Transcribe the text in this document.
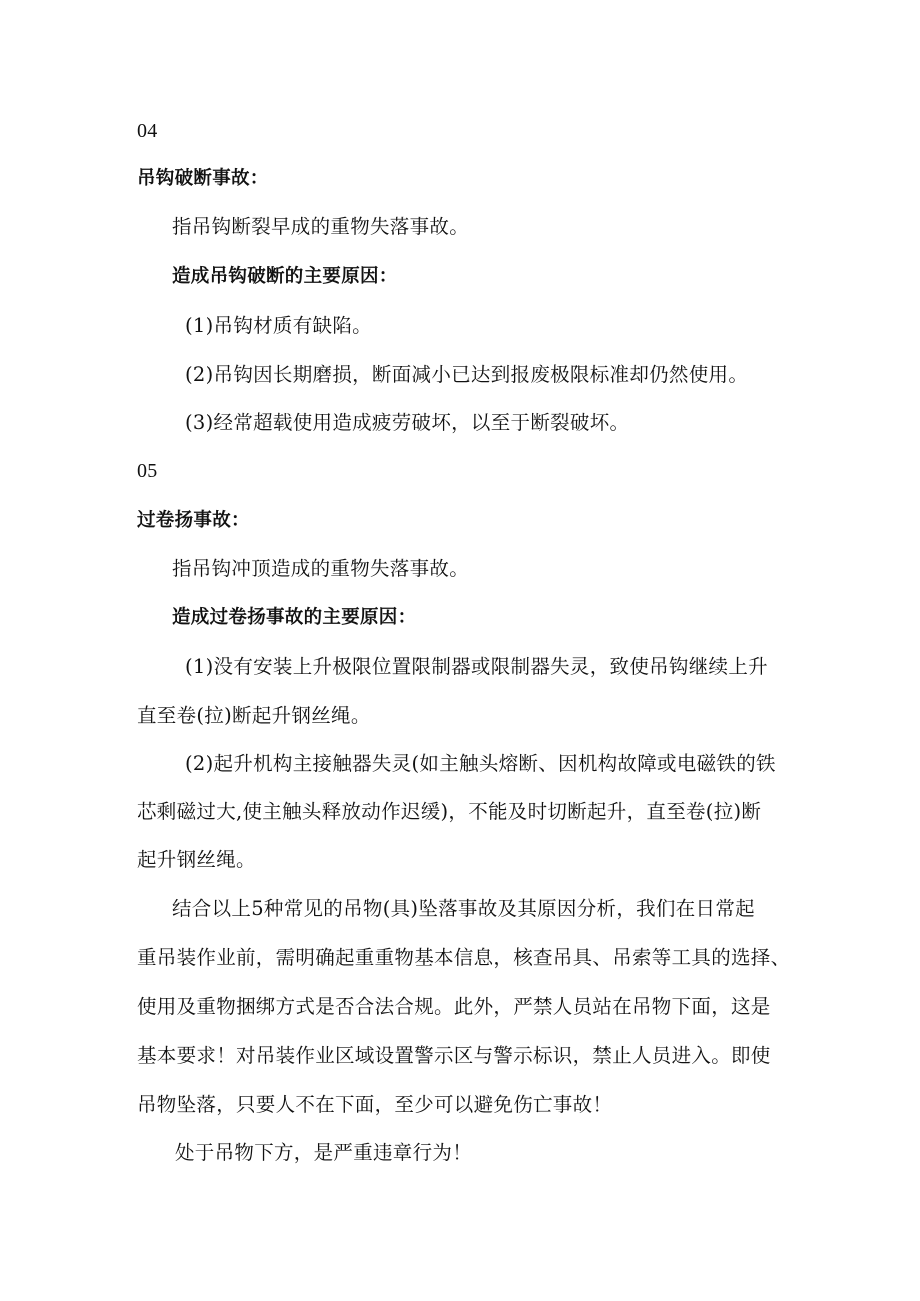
04
吊钩破断事故：
指吊钩断裂早成的重物失落事故。
造成吊钩破断的主要原因：
(1)吊钩材质有缺陷。
(2)吊钩因长期磨损，断面减小已达到报废极限标准却仍然使用。
(3)经常超载使用造成疲劳破坏，以至于断裂破坏。
05
过卷扬事故：
指吊钩冲顶造成的重物失落事故。
造成过卷扬事故的主要原因：
(1)没有安装上升极限位置限制器或限制器失灵，致使吊钩继续上升
直至卷(拉)断起升钢丝绳。
(2)起升机构主接触器失灵(如主触头熔断、因机构故障或电磁铁的铁
芯剩磁过大,使主触头释放动作迟缓)，不能及时切断起升，直至卷(拉)断
起升钢丝绳。
结合以上5种常见的吊物(具)坠落事故及其原因分析，我们在日常起
重吊装作业前，需明确起重重物基本信息，核查吊具、吊索等工具的选择、
使用及重物捆绑方式是否合法合规。此外，严禁人员站在吊物下面，这是
基本要求！对吊装作业区域设置警示区与警示标识，禁止人员进入。即使
吊物坠落，只要人不在下面，至少可以避免伤亡事故！
处于吊物下方，是严重违章行为！
